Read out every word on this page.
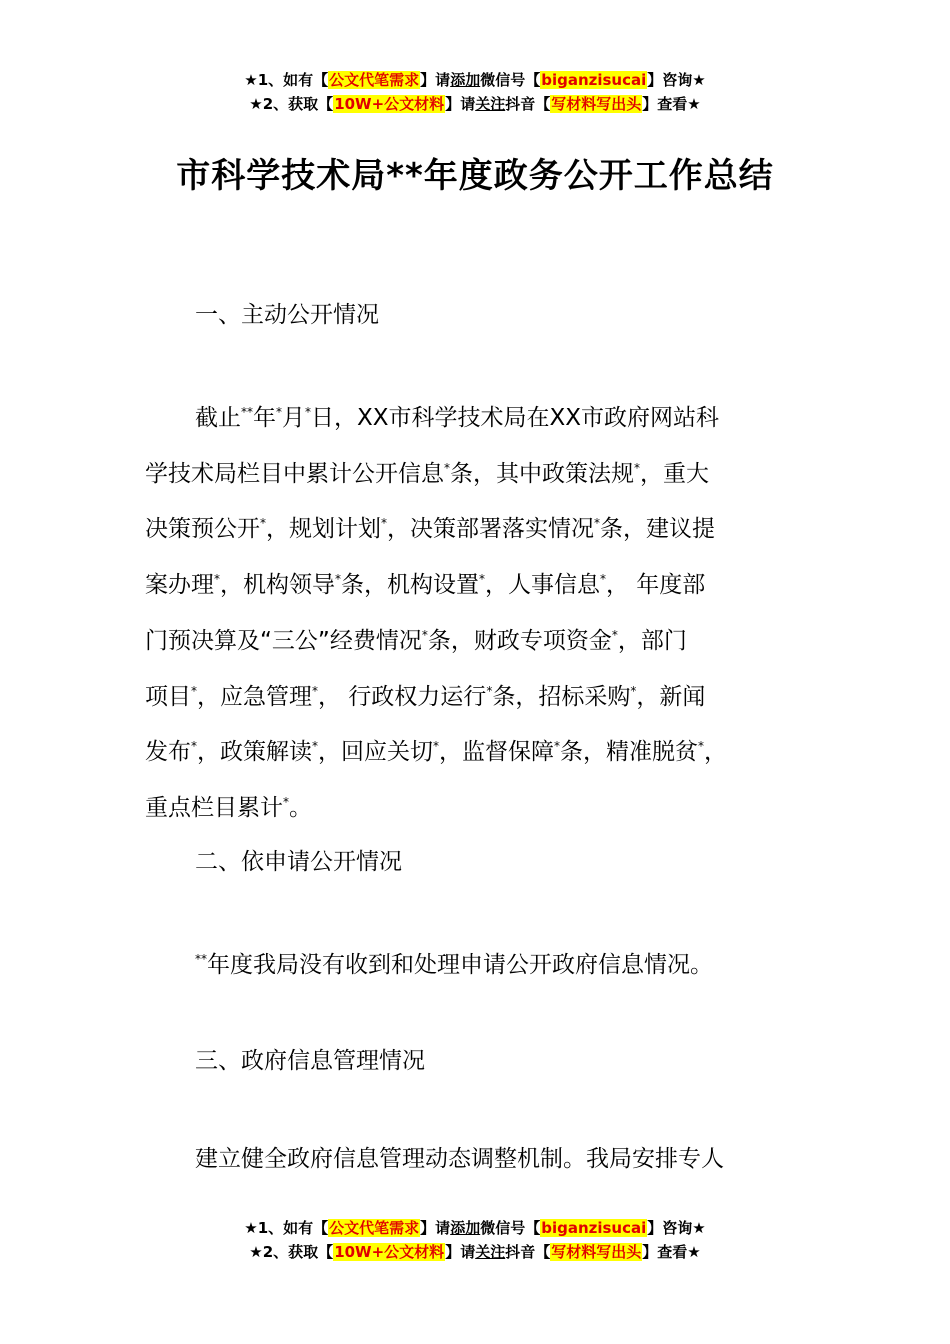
★1、如有【公文代笔需求】请添加微信号【biganzisucai】咨询★
★2、获取【10W+公文材料】请关注抖音【写材料写出头】查看★
市科学技术局**年度政务公开工作总结
一、主动公开情况
截止**年*月*日，XX市科学技术局在XX市政府网站科
学技术局栏目中累计公开信息*条，其中政策法规*，重大
决策预公开*，规划计划*，决策部署落实情况*条，建议提
案办理*，机构领导*条，机构设置*，人事信息*， 年度部
门预决算及“三公”经费情况*条，财政专项资金*，部门
项目*，应急管理*， 行政权力运行*条，招标采购*，新闻
发布*，政策解读*，回应关切*，监督保障*条，精准脱贫*，
重点栏目累计*。
二、依申请公开情况
**年度我局没有收到和处理申请公开政府信息情况。
三、政府信息管理情况
建立健全政府信息管理动态调整机制。我局安排专人
★1、如有【公文代笔需求】请添加微信号【biganzisucai】咨询★
★2、获取【10W+公文材料】请关注抖音【写材料写出头】查看★
